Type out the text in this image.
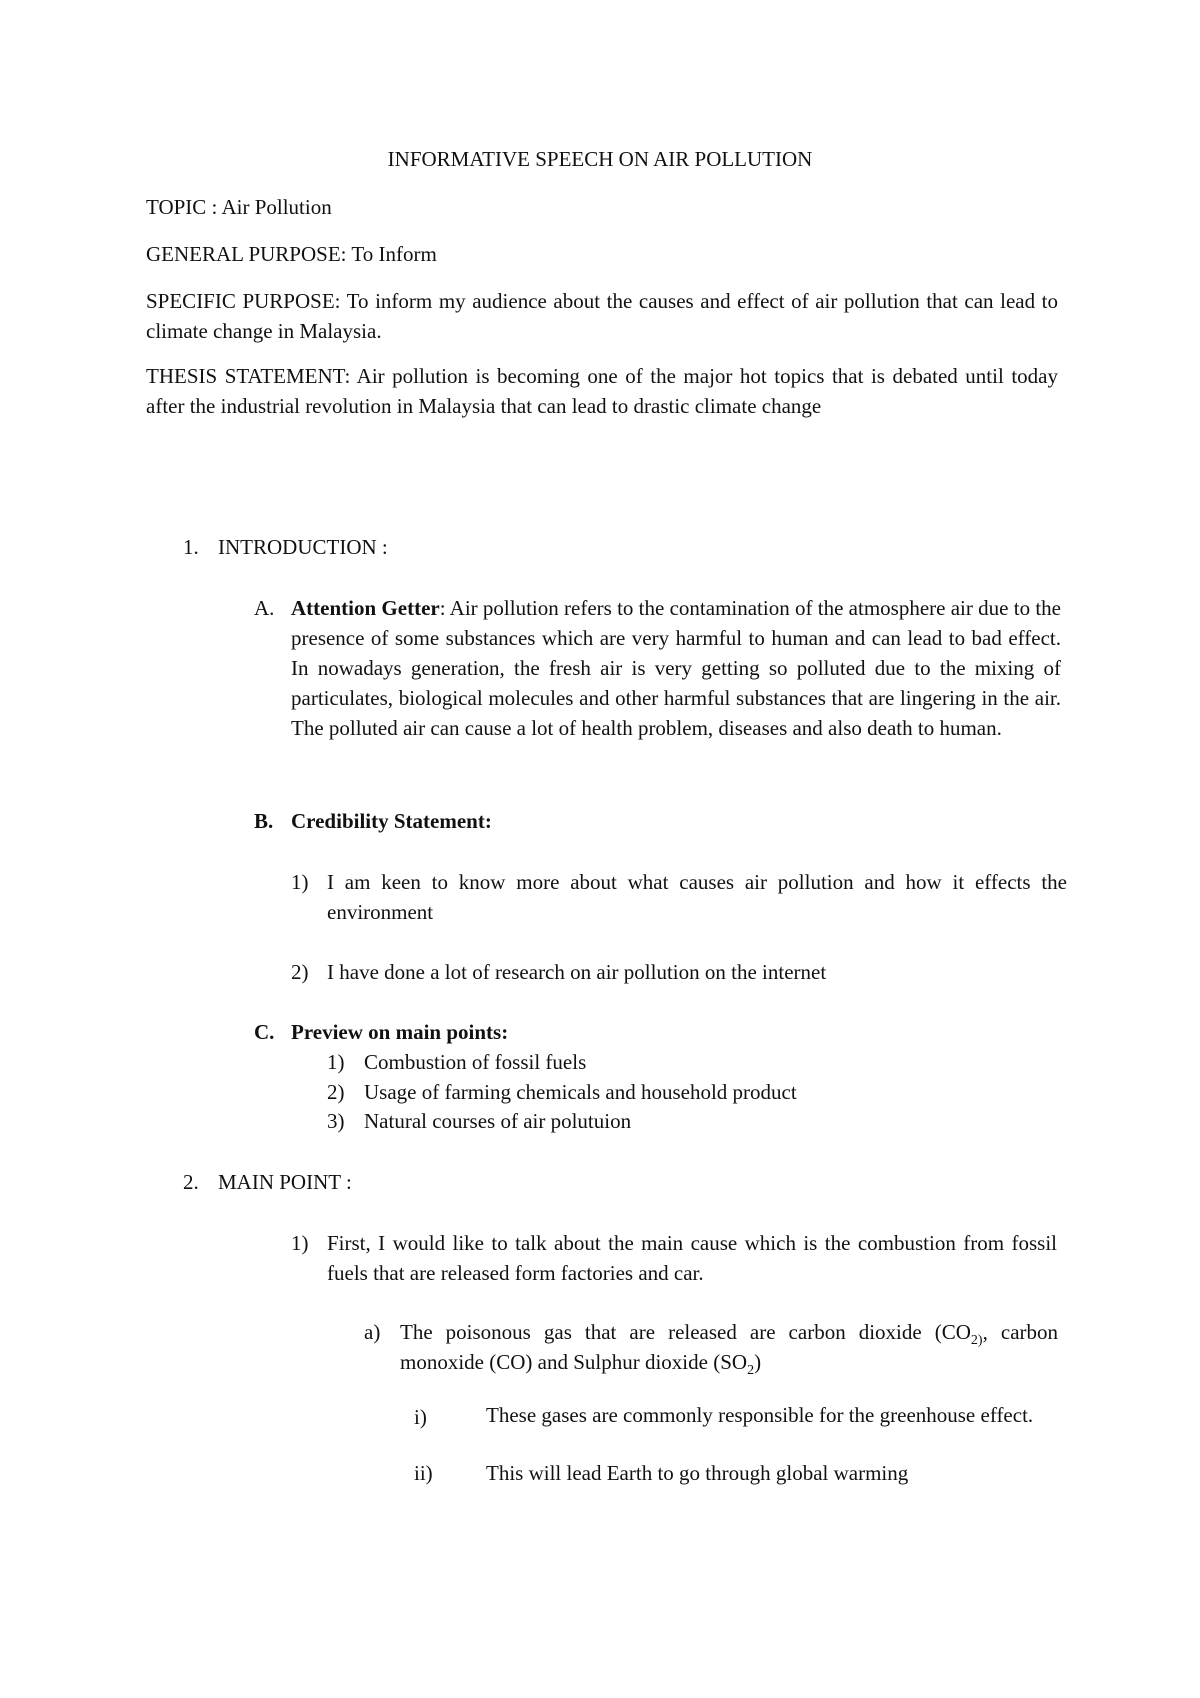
INFORMATIVE SPEECH ON AIR POLLUTION
TOPIC : Air Pollution
GENERAL PURPOSE: To Inform
SPECIFIC PURPOSE: To inform my audience about the causes and effect of air pollution that can lead to climate change in Malaysia.
THESIS STATEMENT: Air pollution is becoming one of the major hot topics that is debated until today after the industrial revolution in Malaysia that can lead to drastic climate change
1. INTRODUCTION :
A. Attention Getter: Air pollution refers to the contamination of the atmosphere air due to the presence of some substances which are very harmful to human and can lead to bad effect. In nowadays generation, the fresh air is very getting so polluted due to the mixing of particulates, biological molecules and other harmful substances that are lingering in the air. The polluted air can cause a lot of health problem, diseases and also death to human.
B. Credibility Statement:
1) I am keen to know more about what causes air pollution and how it effects the environment
2) I have done a lot of research on air pollution on the internet
C. Preview on main points:
1) Combustion of fossil fuels
2) Usage of farming chemicals and household product
3) Natural courses of air polutuion
2. MAIN POINT :
1) First, I would like to talk about the main cause which is the combustion from fossil fuels that are released form factories and car.
a) The poisonous gas that are released are carbon dioxide ($CO_{2)}$, carbon monoxide (CO) and Sulphur dioxide $(SO_2)$
i)	These gases are commonly responsible for the greenhouse effect.
ii)	This will lead Earth to go through global warming
